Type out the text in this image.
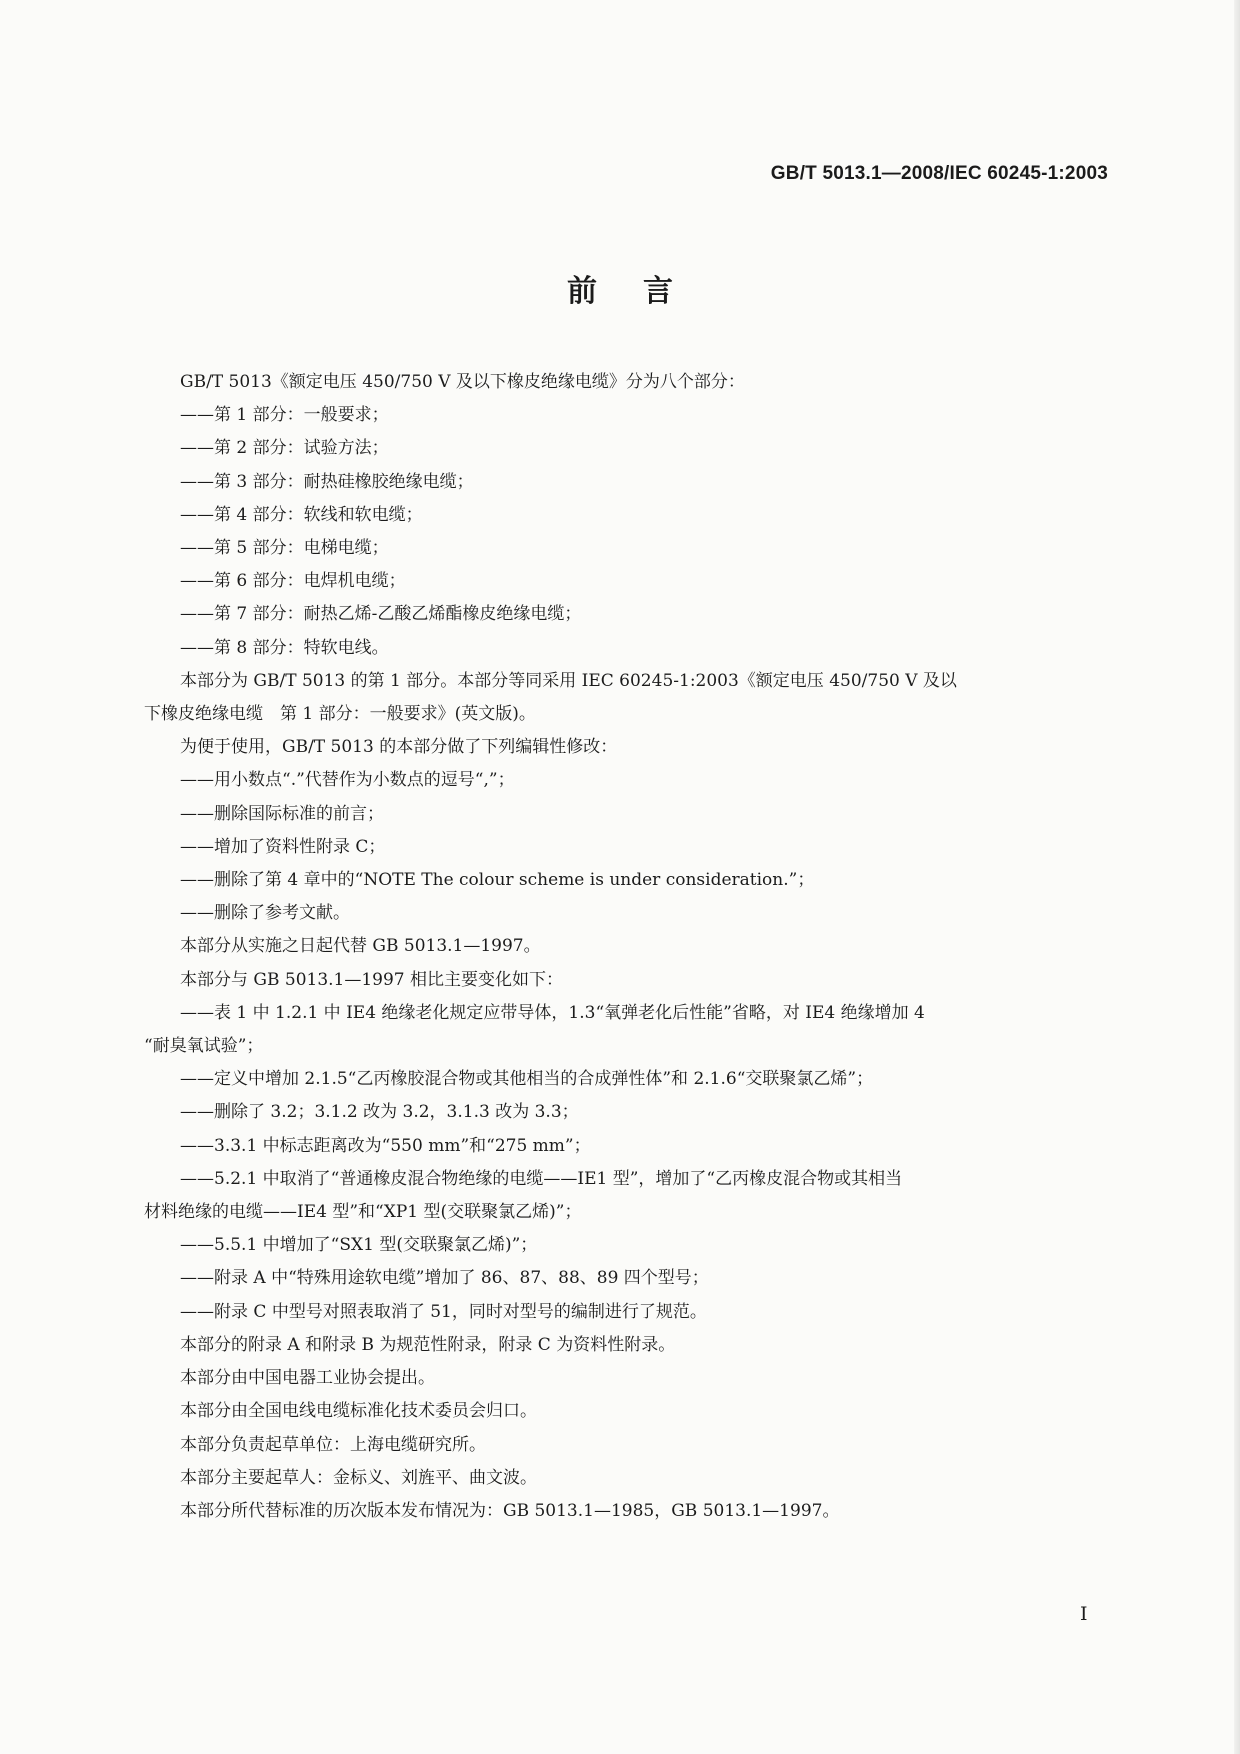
GB/T 5013.1—2008/IEC 60245-1:2003
前言
GB/T 5013《额定电压 450/750 V 及以下橡皮绝缘电缆》分为八个部分：
——第 1 部分：一般要求；
——第 2 部分：试验方法；
——第 3 部分：耐热硅橡胶绝缘电缆；
——第 4 部分：软线和软电缆；
——第 5 部分：电梯电缆；
——第 6 部分：电焊机电缆；
——第 7 部分：耐热乙烯-乙酸乙烯酯橡皮绝缘电缆；
——第 8 部分：特软电线。
本部分为 GB/T 5013 的第 1 部分。本部分等同采用 IEC 60245-1:2003《额定电压 450/750 V 及以
下橡皮绝缘电缆　第 1 部分：一般要求》(英文版)。
为便于使用，GB/T 5013 的本部分做了下列编辑性修改：
——用小数点“.”代替作为小数点的逗号“,”；
——删除国际标准的前言；
——增加了资料性附录 C；
——删除了第 4 章中的“NOTE The colour scheme is under consideration.”；
——删除了参考文献。
本部分从实施之日起代替 GB 5013.1—1997。
本部分与 GB 5013.1—1997 相比主要变化如下：
——表 1 中 1.2.1 中 IE4 绝缘老化规定应带导体，1.3“氧弹老化后性能”省略，对 IE4 绝缘增加 4
“耐臭氧试验”；
——定义中增加 2.1.5“乙丙橡胶混合物或其他相当的合成弹性体”和 2.1.6“交联聚氯乙烯”；
——删除了 3.2；3.1.2 改为 3.2，3.1.3 改为 3.3；
——3.3.1 中标志距离改为“550 mm”和“275 mm”；
——5.2.1 中取消了“普通橡皮混合物绝缘的电缆——IE1 型”，增加了“乙丙橡皮混合物或其相当
材料绝缘的电缆——IE4 型”和“XP1 型(交联聚氯乙烯)”；
——5.5.1 中增加了“SX1 型(交联聚氯乙烯)”；
——附录 A 中“特殊用途软电缆”增加了 86、87、88、89 四个型号；
——附录 C 中型号对照表取消了 51，同时对型号的编制进行了规范。
本部分的附录 A 和附录 B 为规范性附录，附录 C 为资料性附录。
本部分由中国电器工业协会提出。
本部分由全国电线电缆标准化技术委员会归口。
本部分负责起草单位：上海电缆研究所。
本部分主要起草人：金标义、刘旌平、曲文波。
本部分所代替标准的历次版本发布情况为：GB 5013.1—1985，GB 5013.1—1997。
I
